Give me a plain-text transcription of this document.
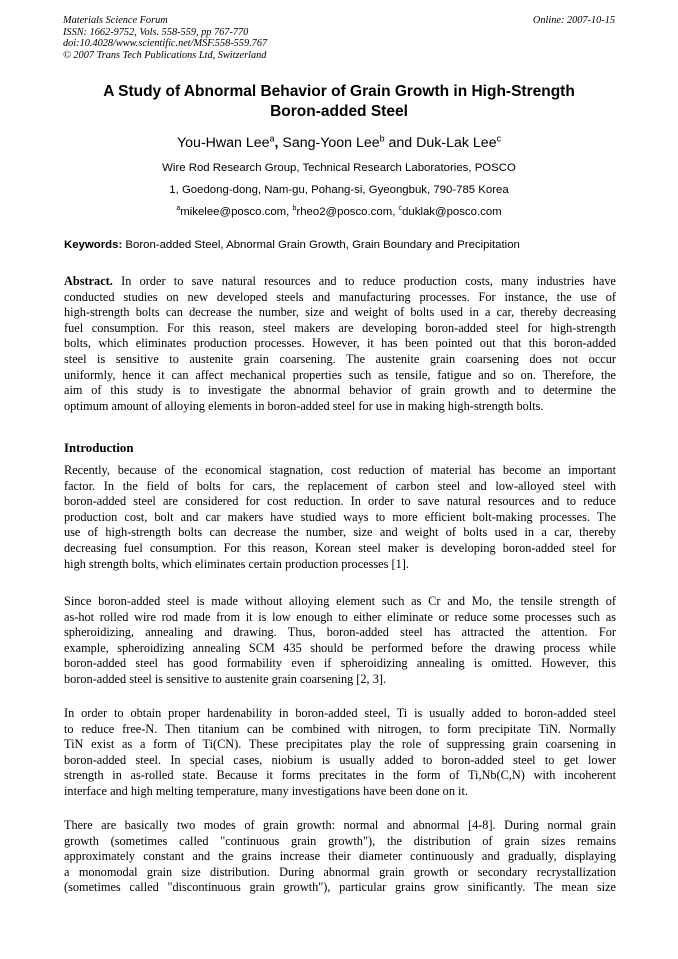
Materials Science Forum
ISSN: 1662-9752, Vols. 558-559, pp 767-770
doi:10.4028/www.scientific.net/MSF.558-559.767
© 2007 Trans Tech Publications Ltd, Switzerland
Online: 2007-10-15
A Study of Abnormal Behavior of Grain Growth in High-Strength
Boron-added Steel
You-Hwan Lee$^a$, Sang-Yoon Lee$^b$ and Duk-Lak Lee$^c$
Wire Rod Research Group, Technical Research Laboratories, POSCO
1, Goedong-dong, Nam-gu, Pohang-si, Gyeongbuk, 790-785 Korea
$^a$mikelee@posco.com, $^b$rheo2@posco.com, $^c$duklak@posco.com
Keywords: Boron-added Steel, Abnormal Grain Growth, Grain Boundary and Precipitation
Abstract. In order to save natural resources and to reduce production costs, many industries have
conducted studies on new developed steels and manufacturing processes. For instance, the use of
high-strength bolts can decrease the number, size and weight of bolts used in a car, thereby decreasing
fuel consumption. For this reason, steel makers are developing boron-added steel for high-strength
bolts, which eliminates production processes. However, it has been pointed out that this boron-added
steel is sensitive to austenite grain coarsening. The austenite grain coarsening does not occur
uniformly, hence it can affect mechanical properties such as tensile, fatigue and so on. Therefore, the
aim of this study is to investigate the abnormal behavior of grain growth and to determine the
optimum amount of alloying elements in boron-added steel for use in making high-strength bolts.
Introduction
Recently, because of the economical stagnation, cost reduction of material has become an important
factor. In the field of bolts for cars, the replacement of carbon steel and low-alloyed steel with
boron-added steel are considered for cost reduction. In order to save natural resources and to reduce
production cost, bolt and car makers have studied ways to more efficient bolt-making processes. The
use of high-strength bolts can decrease the number, size and weight of bolts used in a car, thereby
decreasing fuel consumption. For this reason, Korean steel maker is developing boron-added steel for
high strength bolts, which eliminates certain production processes [1].
Since boron-added steel is made without alloying element such as Cr and Mo, the tensile strength of
as-hot rolled wire rod made from it is low enough to either eliminate or reduce some processes such as
spheroidizing, annealing and drawing. Thus, boron-added steel has attracted the attention. For
example, spheroidizing annealing SCM 435 should be performed before the drawing process while
boron-added steel has good formability even if spheroidizing annealing is omitted. However, this
boron-added steel is sensitive to austenite grain coarsening [2, 3].
In order to obtain proper hardenability in boron-added steel, Ti is usually added to boron-added steel
to reduce free-N. Then titanium can be combined with nitrogen, to form precipitate TiN. Normally
TiN exist as a form of Ti(CN). These precipitates play the role of suppressing grain coarsening in
boron-added steel. In special cases, niobium is usually added to boron-added steel to get lower
strength in as-rolled state. Because it forms precitates in the form of Ti,Nb(C,N) with incoherent
interface and high melting temperature, many investigations have been done on it.
There are basically two modes of grain growth: normal and abnormal [4-8]. During normal grain
growth (sometimes called "continuous grain growth"), the distribution of grain sizes remains
approximately constant and the grains increase their diameter continuously and gradually, displaying
a monomodal grain size distribution. During abnormal grain growth or secondary recrystallization
(sometimes called "discontinuous grain growth"), particular grains grow sinificantly. The mean size
